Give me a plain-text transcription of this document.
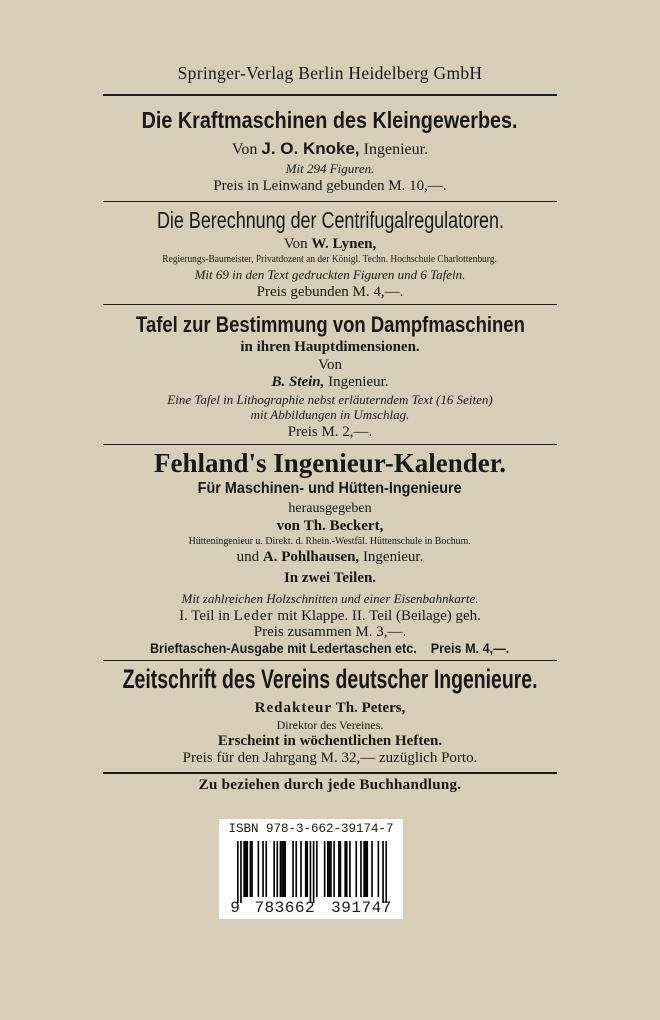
Springer-Verlag Berlin Heidelberg GmbH
Die Kraftmaschinen des Kleingewerbes.
Von J. O. Knoke, Ingenieur.
Mit 294 Figuren.
Preis in Leinwand gebunden M. 10,—.
Die Berechnung der Centrifugalregulatoren.
Von W. Lynen,
Regierungs-Baumeister, Privatdozent an der Königl. Techn. Hochschule Charlottenburg.
Mit 69 in den Text gedruckten Figuren und 6 Tafeln.
Preis gebunden M. 4,—.
Tafel zur Bestimmung von Dampfmaschinen
in ihren Hauptdimensionen.
Von
B. Stein, Ingenieur.
Eine Tafel in Lithographie nebst erläuterndem Text (16 Seiten)
mit Abbildungen in Umschlag.
Preis M. 2,—.
Fehland's Ingenieur-Kalender.
Für Maschinen- und Hütten-Ingenieure
herausgegeben
von Th. Beckert,
Hütteningenieur u. Direkt. d. Rhein.-Westfäl. Hüttenschule in Bochum.
und A. Pohlhausen, Ingenieur.
In zwei Teilen.
Mit zahlreichen Holzschnitten und einer Eisenbahnkarte.
I. Teil in Leder mit Klappe. II. Teil (Beilage) geh.
Preis zusammen M. 3,—.
Brieftaschen-Ausgabe mit Ledertaschen etc. Preis M. 4,—.
Zeitschrift des Vereins deutscher Ingenieure.
Redakteur Th. Peters,
Direktor des Vereines.
Erscheint in wöchentlichen Heften.
Preis für den Jahrgang M. 32,— zuzüglich Porto.
Zu beziehen durch jede Buchhandlung.
ISBN 978-3-662-39174-7
9 783662 391747
